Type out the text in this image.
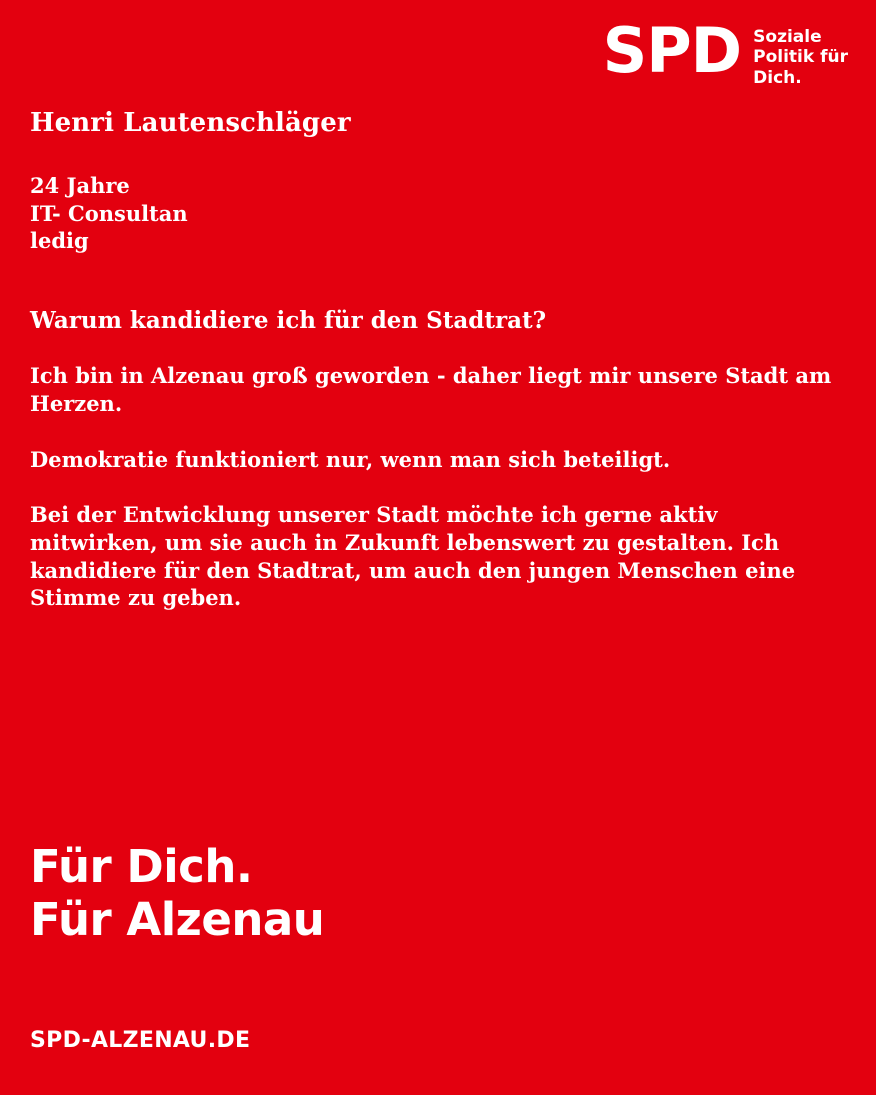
SPD Soziale
Politik für
Dich.
Henri Lautenschläger
24 Jahre
IT- Consultan
ledig
Warum kandidiere ich für den Stadtrat?
Ich bin in Alzenau groß geworden - daher liegt mir unsere Stadt am Herzen.
Demokratie funktioniert nur, wenn man sich beteiligt.
Bei der Entwicklung unserer Stadt möchte ich gerne aktiv mitwirken, um sie auch in Zukunft lebenswert zu gestalten. Ich kandidiere für den Stadtrat, um auch den jungen Menschen eine Stimme zu geben.
Für Dich.
Für Alzenau
SPD-ALZENAU.DE
